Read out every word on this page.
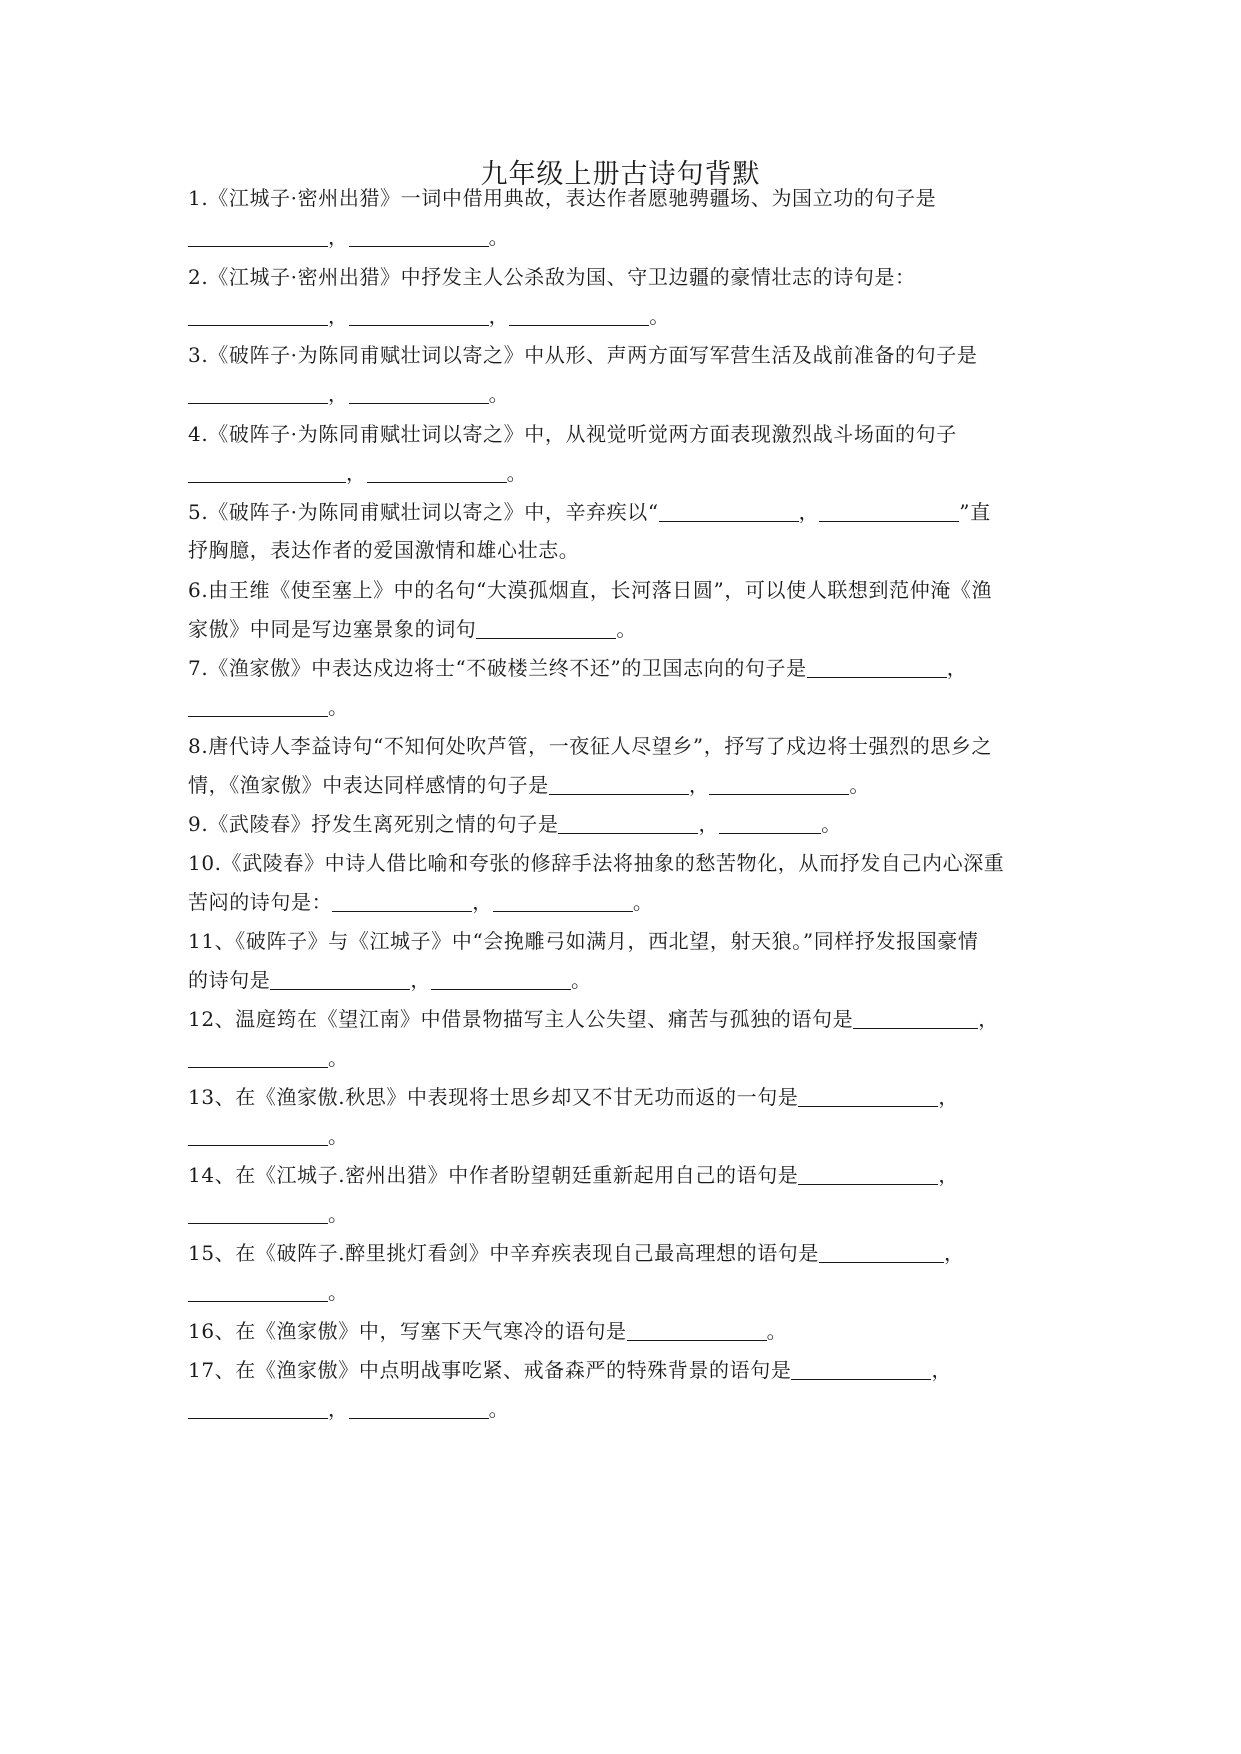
九年级上册古诗句背默
1.《江城子·密州出猎》一词中借用典故，表达作者愿驰骋疆场、为国立功的句子是
，	。
2.《江城子·密州出猎》中抒发主人公杀敌为国、守卫边疆的豪情壮志的诗句是：
，	，	。
3.《破阵子·为陈同甫赋壮词以寄之》中从形、声两方面写军营生活及战前准备的句子是
，	。
4.《破阵子·为陈同甫赋壮词以寄之》中，从视觉听觉两方面表现激烈战斗场面的句子
，	。
5.《破阵子·为陈同甫赋壮词以寄之》中，辛弃疾以“	，	”直
抒胸臆，表达作者的爱国激情和雄心壮志。
6.由王维《使至塞上》中的名句“大漠孤烟直，长河落日圆”，可以使人联想到范仲淹《渔
家傲》中同是写边塞景象的词句	。
7.《渔家傲》中表达戍边将士“不破楼兰终不还”的卫国志向的句子是	，
。
8.唐代诗人李益诗句“不知何处吹芦管，一夜征人尽望乡”，抒写了戍边将士强烈的思乡之
情，《渔家傲》中表达同样感情的句子是	，	。
9.《武陵春》抒发生离死别之情的句子是	，	。
10.《武陵春》中诗人借比喻和夸张的修辞手法将抽象的愁苦物化，从而抒发自己内心深重
苦闷的诗句是：	，	。
11、《破阵子》与《江城子》中“会挽雕弓如满月，西北望，射天狼。”同样抒发报国豪情
的诗句是	，	。
12、温庭筠在《望江南》中借景物描写主人公失望、痛苦与孤独的语句是	，
。
13、在《渔家傲.秋思》中表现将士思乡却又不甘无功而返的一句是	，
。
14、在《江城子.密州出猎》中作者盼望朝廷重新起用自己的语句是	，
。
15、在《破阵子.醉里挑灯看剑》中辛弃疾表现自己最高理想的语句是	，
。
16、在《渔家傲》中，写塞下天气寒冷的语句是	。
17、在《渔家傲》中点明战事吃紧、戒备森严的特殊背景的语句是	，
，	。
